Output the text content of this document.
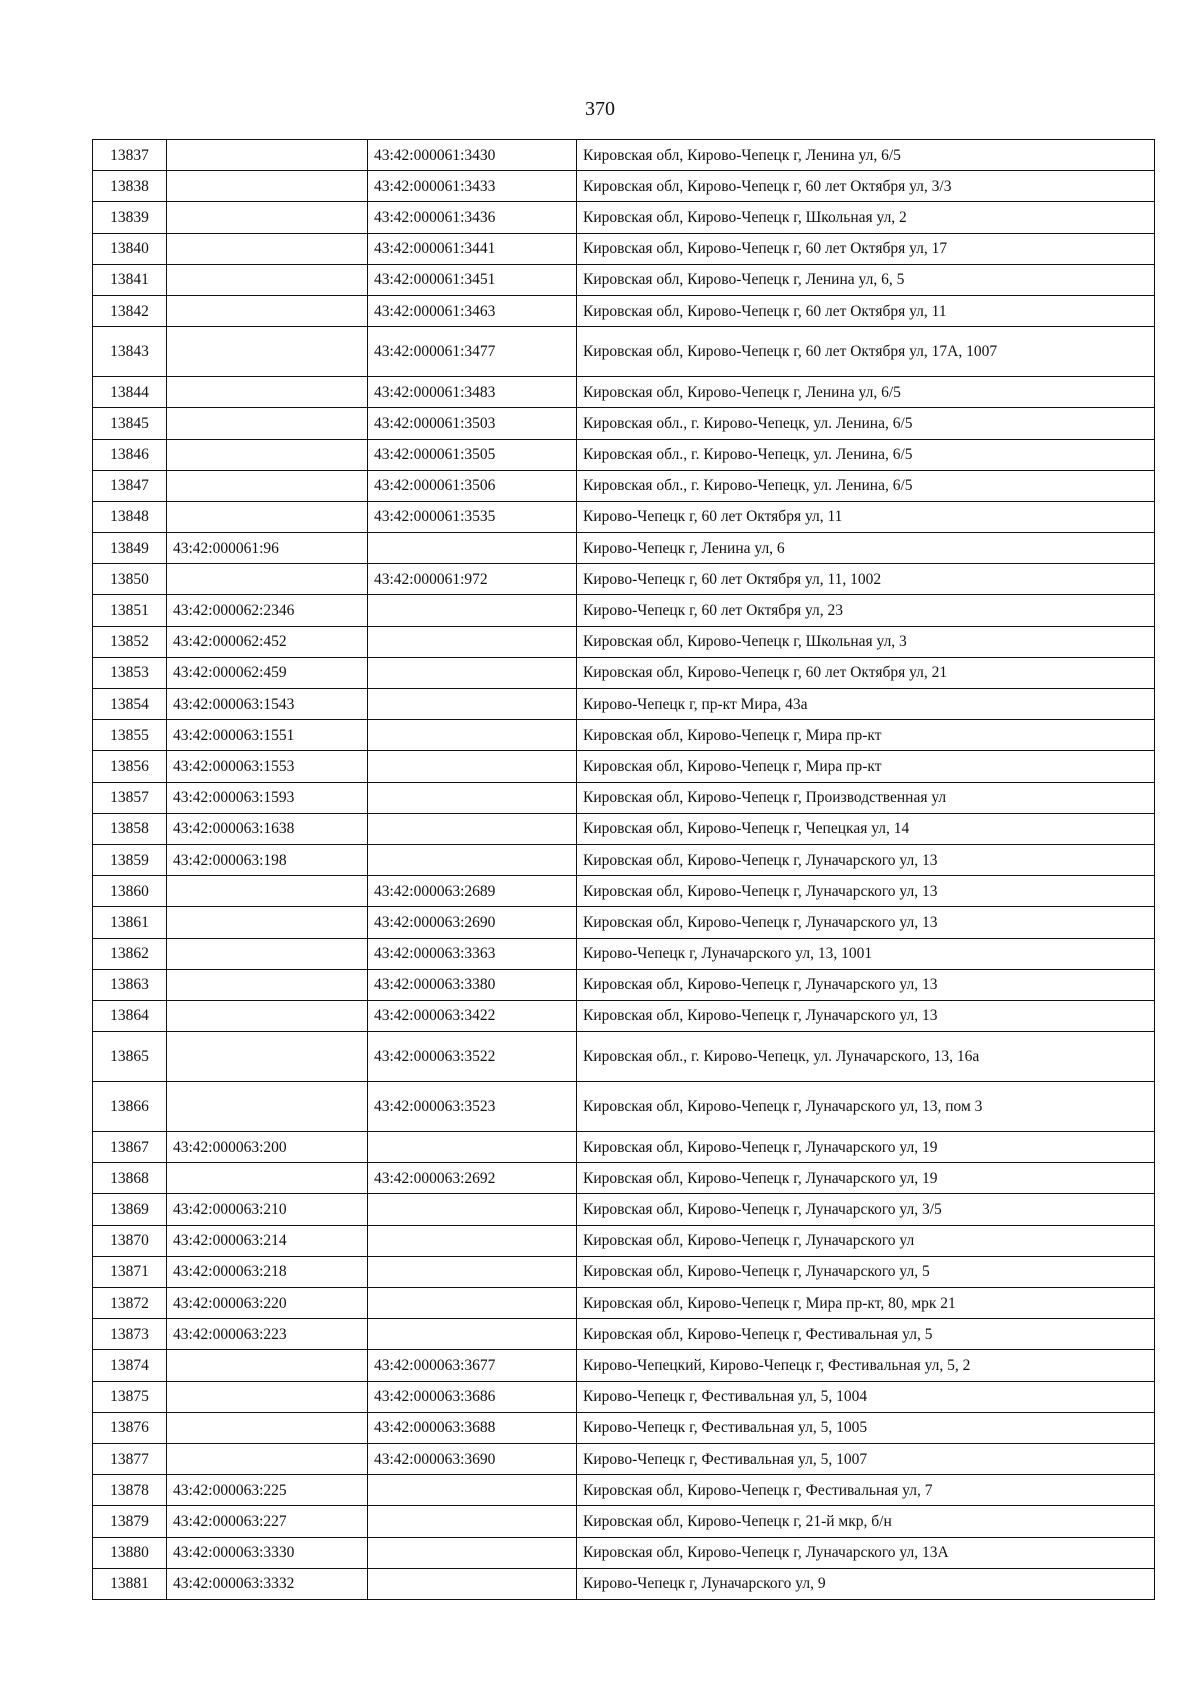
370
13837		43:42:000061:3430	Кировская обл, Кирово-Чепецк г, Ленина ул, 6/5
13838		43:42:000061:3433	Кировская обл, Кирово-Чепецк г, 60 лет Октября ул, 3/3
13839		43:42:000061:3436	Кировская обл, Кирово-Чепецк г, Школьная ул, 2
13840		43:42:000061:3441	Кировская обл, Кирово-Чепецк г, 60 лет Октября ул, 17
13841		43:42:000061:3451	Кировская обл, Кирово-Чепецк г, Ленина ул, 6, 5
13842		43:42:000061:3463	Кировская обл, Кирово-Чепецк г, 60 лет Октября ул, 11
13843		43:42:000061:3477	Кировская обл, Кирово-Чепецк г, 60 лет Октября ул, 17А, 1007
13844		43:42:000061:3483	Кировская обл, Кирово-Чепецк г, Ленина ул, 6/5
13845		43:42:000061:3503	Кировская обл., г. Кирово-Чепецк, ул. Ленина, 6/5
13846		43:42:000061:3505	Кировская обл., г. Кирово-Чепецк, ул. Ленина, 6/5
13847		43:42:000061:3506	Кировская обл., г. Кирово-Чепецк, ул. Ленина, 6/5
13848		43:42:000061:3535	Кирово-Чепецк г, 60 лет Октября ул, 11
13849	43:42:000061:96		Кирово-Чепецк г, Ленина ул, 6
13850		43:42:000061:972	Кирово-Чепецк г, 60 лет Октября ул, 11, 1002
13851	43:42:000062:2346		Кирово-Чепецк г, 60 лет Октября ул, 23
13852	43:42:000062:452		Кировская обл, Кирово-Чепецк г, Школьная ул, 3
13853	43:42:000062:459		Кировская обл, Кирово-Чепецк г, 60 лет Октября ул, 21
13854	43:42:000063:1543		Кирово-Чепецк г, пр-кт Мира, 43а
13855	43:42:000063:1551		Кировская обл, Кирово-Чепецк г, Мира пр-кт
13856	43:42:000063:1553		Кировская обл, Кирово-Чепецк г, Мира пр-кт
13857	43:42:000063:1593		Кировская обл, Кирово-Чепецк г, Производственная ул
13858	43:42:000063:1638		Кировская обл, Кирово-Чепецк г, Чепецкая ул, 14
13859	43:42:000063:198		Кировская обл, Кирово-Чепецк г, Луначарского ул, 13
13860		43:42:000063:2689	Кировская обл, Кирово-Чепецк г, Луначарского ул, 13
13861		43:42:000063:2690	Кировская обл, Кирово-Чепецк г, Луначарского ул, 13
13862		43:42:000063:3363	Кирово-Чепецк г, Луначарского ул, 13, 1001
13863		43:42:000063:3380	Кировская обл, Кирово-Чепецк г, Луначарского ул, 13
13864		43:42:000063:3422	Кировская обл, Кирово-Чепецк г, Луначарского ул, 13
13865		43:42:000063:3522	Кировская обл., г. Кирово-Чепецк, ул. Луначарского, 13, 16а
13866		43:42:000063:3523	Кировская обл, Кирово-Чепецк г, Луначарского ул, 13, пом 3
13867	43:42:000063:200		Кировская обл, Кирово-Чепецк г, Луначарского ул, 19
13868		43:42:000063:2692	Кировская обл, Кирово-Чепецк г, Луначарского ул, 19
13869	43:42:000063:210		Кировская обл, Кирово-Чепецк г, Луначарского ул, 3/5
13870	43:42:000063:214		Кировская обл, Кирово-Чепецк г, Луначарского ул
13871	43:42:000063:218		Кировская обл, Кирово-Чепецк г, Луначарского ул, 5
13872	43:42:000063:220		Кировская обл, Кирово-Чепецк г, Мира пр-кт, 80, мрк 21
13873	43:42:000063:223		Кировская обл, Кирово-Чепецк г, Фестивальная ул, 5
13874		43:42:000063:3677	Кирово-Чепецкий, Кирово-Чепецк г, Фестивальная ул, 5, 2
13875		43:42:000063:3686	Кирово-Чепецк г, Фестивальная ул, 5, 1004
13876		43:42:000063:3688	Кирово-Чепецк г, Фестивальная ул, 5, 1005
13877		43:42:000063:3690	Кирово-Чепецк г, Фестивальная ул, 5, 1007
13878	43:42:000063:225		Кировская обл, Кирово-Чепецк г, Фестивальная ул, 7
13879	43:42:000063:227		Кировская обл, Кирово-Чепецк г, 21-й мкр, б/н
13880	43:42:000063:3330		Кировская обл, Кирово-Чепецк г, Луначарского ул, 13А
13881	43:42:000063:3332		Кирово-Чепецк г, Луначарского ул, 9
